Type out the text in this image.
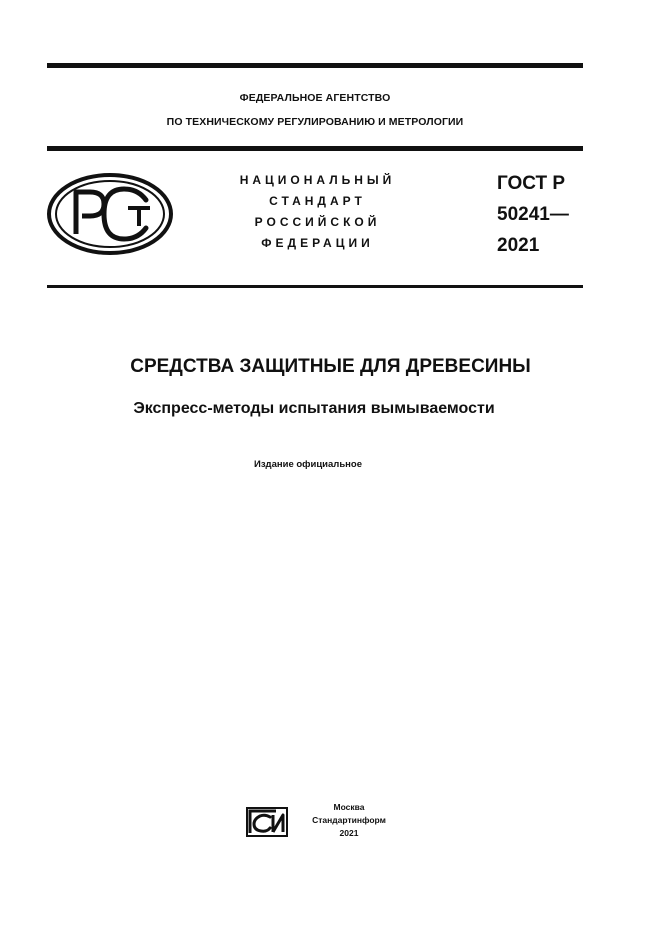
ФЕДЕРАЛЬНОЕ АГЕНТСТВО
ПО ТЕХНИЧЕСКОМУ РЕГУЛИРОВАНИЮ И МЕТРОЛОГИИ
НАЦИОНАЛЬНЫЙ
СТАНДАРТ
РОССИЙСКОЙ
ФЕДЕРАЦИИ
ГОСТ Р
50241—
2021
СРЕДСТВА ЗАЩИТНЫЕ ДЛЯ ДРЕВЕСИНЫ
Экспресс-методы испытания вымываемости
Издание официальное
Москва
Стандартинформ
2021
